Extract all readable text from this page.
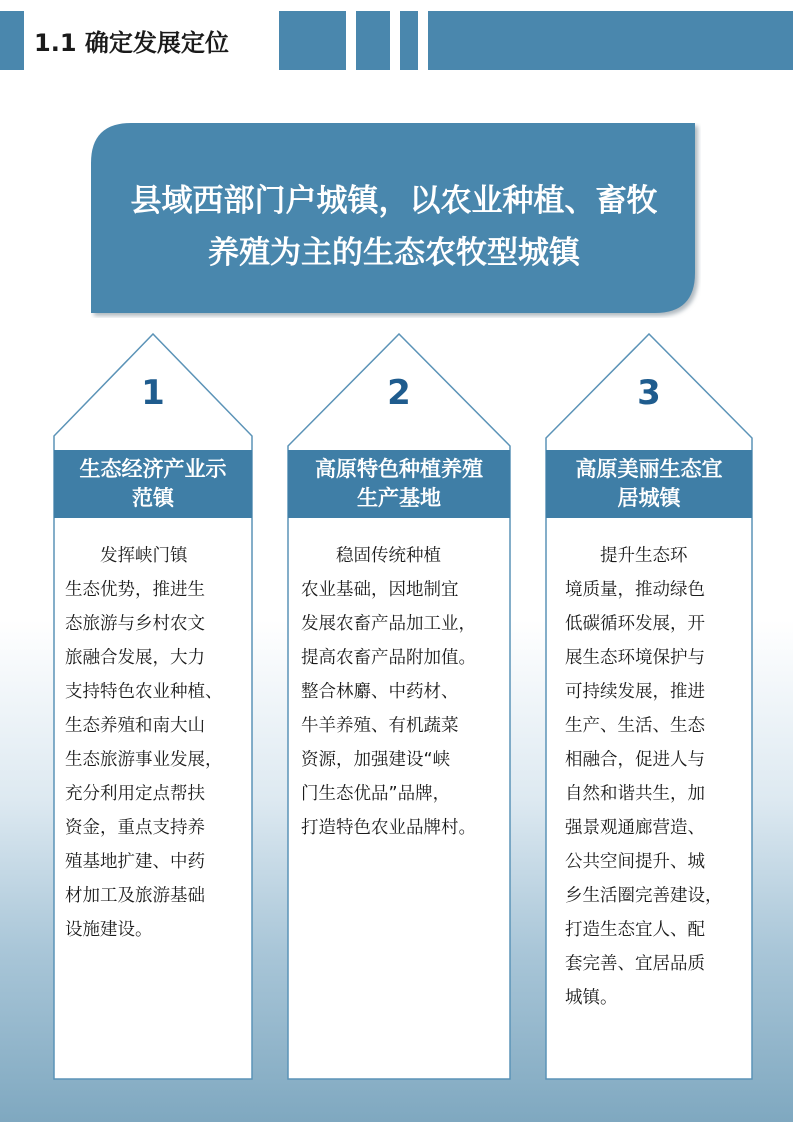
1.1 确定发展定位
县域西部门户城镇，以农业种植、畜牧
养殖为主的生态农牧型城镇
1
生态经济产业示
范镇
　　发挥峡门镇
生态优势，推进生
态旅游与乡村农文
旅融合发展，大力
支持特色农业种植、
生态养殖和南大山
生态旅游事业发展，
充分利用定点帮扶
资金，重点支持养
殖基地扩建、中药
材加工及旅游基础
设施建设。
2
高原特色种植养殖
生产基地
　　稳固传统种植
农业基础，因地制宜
发展农畜产品加工业，
提高农畜产品附加值。
整合林麝、中药材、
牛羊养殖、有机蔬菜
资源，加强建设“峡
门生态优品”品牌，
打造特色农业品牌村。
3
高原美丽生态宜
居城镇
　　提升生态环
境质量，推动绿色
低碳循环发展，开
展生态环境保护与
可持续发展，推进
生产、生活、生态
相融合，促进人与
自然和谐共生，加
强景观通廊营造、
公共空间提升、城
乡生活圈完善建设，
打造生态宜人、配
套完善、宜居品质
城镇。
